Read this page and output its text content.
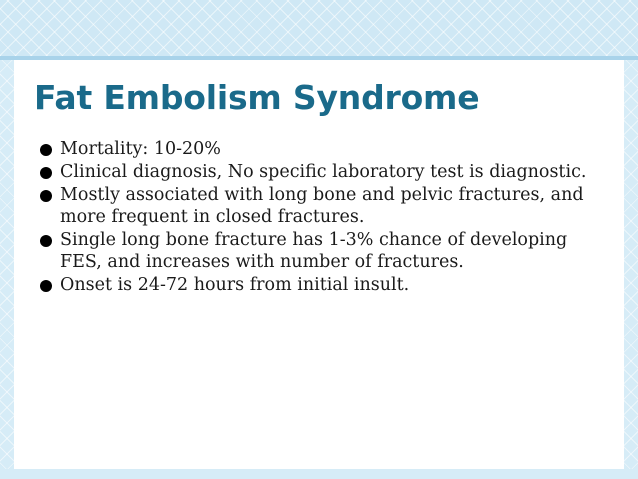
Fat Embolism Syndrome
Mortality: 10-20%
Clinical diagnosis, No specific laboratory test is diagnostic.
Mostly associated with long bone and pelvic fractures, and more frequent in closed fractures.
Single long bone fracture has 1-3% chance of developing FES, and increases with number of fractures.
Onset is 24-72 hours from initial insult.
